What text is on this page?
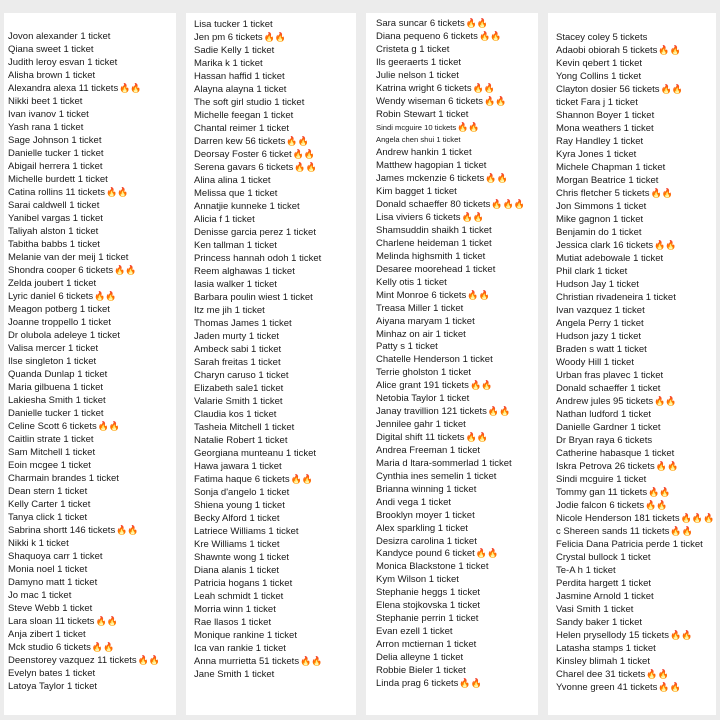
Jovon alexander 1 ticket
Qiana sweet 1 ticket
Judith leroy esvan 1 ticket
Alisha brown 1 ticket
Alexandra alexa 11 tickets🔥🔥
Nikki beet 1 ticket
Ivan ivanov 1 ticket
Yash rana 1 ticket
Sage Johnson 1 ticket
Danielle tucker 1 ticket
Abigail herrera 1 ticket
Michelle burdett 1 ticket
Catina rollins 11 tickets🔥🔥
Sarai caldwell 1 ticket
Yanibel vargas 1 ticket
Taliyah alston 1 ticket
Tabitha babbs 1 ticket
Melanie van der meij 1 ticket
Shondra cooper 6 tickets🔥🔥
Zelda joubert 1 ticket
Lyric daniel 6 tickets🔥🔥
Meagon potberg 1 ticket
Joanne troppello 1 ticket
Dr olubola adeleye 1 ticket
Valisa mercer 1 ticket
Ilse singleton 1 ticket
Quanda Dunlap 1 ticket
Maria gilbuena 1 ticket
Lakiesha Smith 1 ticket
Danielle tucker 1 ticket
Celine Scott 6 tickets🔥🔥
Caitlin strate 1 ticket
Sam Mitchell 1 ticket
Eoin mcgee 1 ticket
Charmain brandes 1 ticket
Dean stern 1 ticket
Kelly Carter 1 ticket
Tanya click 1 ticket
Sabrina shortt 146 tickets🔥🔥
Nikki k 1 ticket
Shaquoya carr 1 ticket
Monia noel 1 ticket
Damyno matt 1 ticket
Jo mac 1 ticket
Steve Webb 1 ticket
Lara sloan 11 tickets🔥🔥
Anja zibert 1 ticket
Mck studio 6 tickets🔥🔥
Deenstorey vazquez 11 tickets🔥🔥
Evelyn bates 1 ticket
Latoya Taylor 1 ticket
Lisa tucker 1 ticket
Jen pm 6 tickets🔥🔥
Sadie Kelly 1 ticket
Marika k 1 ticket
Hassan haffid 1 ticket
Alayna alayna 1 ticket
The soft girl studio 1 ticket
Michelle feegan 1 ticket
Chantal reimer 1 ticket
Darren kew 56 tickets🔥🔥
Deorsay Foster 6 ticket🔥🔥
Serena gavars 6 tickets🔥🔥
Alina alina 1 ticket
Melissa que 1 ticket
Annatjie kunneke 1 ticket
Alicia f 1 ticket
Denisse garcia perez 1 ticket
Ken tallman 1 ticket
Princess hannah odoh 1 ticket
Reem alghawas 1 ticket
Iasia walker 1 ticket
Barbara poulin wiest 1 ticket
Itz me jih 1 ticket
Thomas James 1 ticket
Jaden murty 1 ticket
Ambeck sabi 1 ticket
Sarah freitas 1 ticket
Charyn caruso 1 ticket
Elizabeth sale1 ticket
Valarie Smith 1 ticket
Claudia kos 1 ticket
Tasheia Mitchell 1 ticket
Natalie Robert 1 ticket
Georgiana munteanu 1 ticket
Hawa jawara 1 ticket
Fatima haque 6 tickets🔥🔥
Sonja d'angelo 1 ticket
Shiena young 1 ticket
Becky Alford 1 ticket
Latriece Williams 1 ticket
Kre Williams 1 ticket
Shawnte wong 1 ticket
Diana alanis 1 ticket
Patricia hogans 1 ticket
Leah schmidt 1 ticket
Morria winn 1 ticket
Rae llasos 1 ticket
Monique rankine 1 ticket
Ica van rankie 1 ticket
Anna murrietta 51 tickets🔥🔥
Jane Smith 1 ticket
Sara suncar 6 tickets🔥🔥
Diana pequeno 6 tickets🔥🔥
Cristeta g 1 ticket
Ils geeraerts 1 ticket
Julie nelson 1 ticket
Katrina wright 6 tickets🔥🔥
Wendy wiseman 6 tickets🔥🔥
Robin Stewart 1 ticket
Sindi mcguire 10 tickets🔥🔥
Angela chen shui 1 ticket
Andrew hankin 1 ticket
Matthew hagopian 1 ticket
James mckenzie 6 tickets🔥🔥
Kim bagget 1 ticket
Donald schaeffer 80 tickets🔥🔥🔥
Lisa viviers 6 tickets🔥🔥
Shamsuddin shaikh 1 ticket
Charlene heideman 1 ticket
Melinda highsmith 1 ticket
Desaree moorehead 1 ticket
Kelly otis 1 ticket
Mint Monroe 6 tickets🔥🔥
Treasa Miller 1 ticket
Aiyana maryam 1 ticket
Minhaz on air 1 ticket
Patty s 1 ticket
Chatelle Henderson 1 ticket
Terrie gholston 1 ticket
Alice grant 191 tickets🔥🔥
Netobia Taylor 1 ticket
Janay travillion 121 tickets🔥🔥
Jennilee gahr 1 ticket
Digital shift 11 tickets🔥🔥
Andrea Freeman 1 ticket
Maria d ltara-sommerlad 1 ticket
Cynthia ines semelin 1 ticket
Brianna winning 1 ticket
Andi vega 1 ticket
Brooklyn moyer 1 ticket
Alex sparkling 1 ticket
Desizra carolina 1 ticket
Kandyce pound 6 ticket🔥🔥
Monica Blackstone 1 ticket
Kym Wilson 1 ticket
Stephanie heggs 1 ticket
Elena stojkovska 1 ticket
Stephanie perrin 1 ticket
Evan ezell 1 ticket
Arron mctiernan 1 ticket
Delia alleyne 1 ticket
Robbie Bieler 1 ticket
Linda prag 6 tickets🔥🔥
Stacey coley 5 tickets
Adaobi obiorah 5 tickets🔥🔥
Kevin qebert 1 ticket
Yong Collins 1 ticket
Clayton dosier 56 tickets🔥🔥
ticket Fara j 1 ticket
Shannon Boyer 1 ticket
Mona weathers 1 ticket
Ray Handley 1 ticket
Kyra Jones 1 ticket
Michele Chapman 1 ticket
Morgan Beatrice 1 ticket
Chris fletcher 5 tickets🔥🔥
Jon Simmons 1 ticket
Mike gagnon 1 ticket
Benjamin do 1 ticket
Jessica clark 16 tickets🔥🔥
Mutiat adebowale 1 ticket
Phil clark 1 ticket
Hudson Jay 1 ticket
Christian rivadeneira 1 ticket
Ivan vazquez 1 ticket
Angela Perry 1 ticket
Hudson jazy 1 ticket
Braden s watt 1 ticket
Woody Hill 1 ticket
Urban fras plavec 1 ticket
Donald schaeffer 1 ticket
Andrew jules 95 tickets🔥🔥
Nathan ludford 1 ticket
Danielle Gardner 1 ticket
Dr Bryan raya 6 tickets
Catherine habasque 1 ticket
Iskra Petrova 26 tickets🔥🔥
Sindi mcguire 1 ticket
Tommy gan 11 tickets🔥🔥
Jodie falcon 6 tickets🔥🔥
Nicole Henderson 181 tickets🔥🔥🔥
c Shereen sands 11 tickets🔥🔥
Felicia Dana Patricia perde 1 ticket
Crystal bullock 1 ticket
Te-A h 1 ticket
Perdita hargett 1 ticket
Jasmine Arnold 1 ticket
Vasi Smith 1 ticket
Sandy baker 1 ticket
Helen prysellody 15 tickets🔥🔥
Latasha stamps 1 ticket
Kinsley blimah 1 ticket
Charel dee 31 tickets🔥🔥
Yvonne green 41 tickets🔥🔥
